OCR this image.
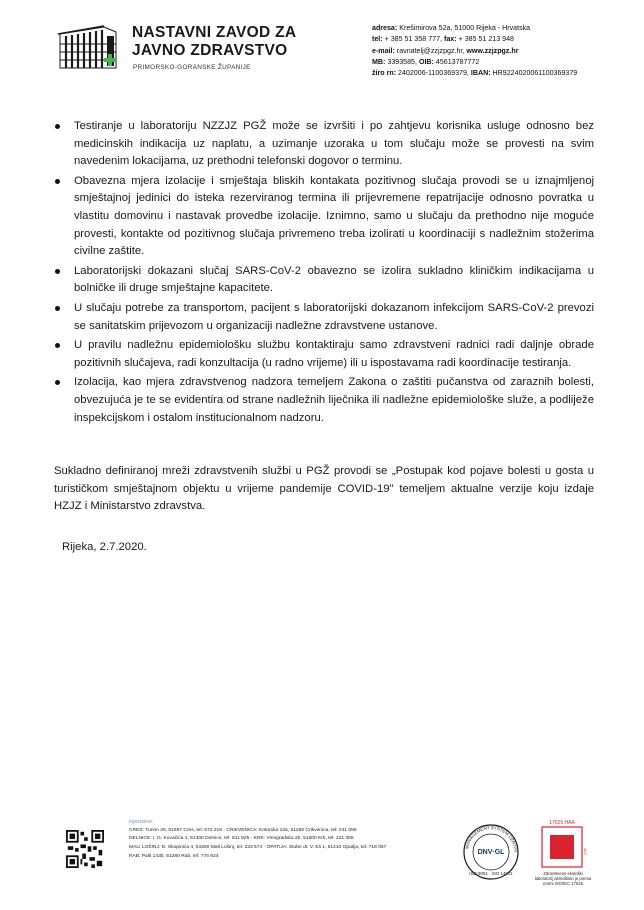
NASTAVNI ZAVOD ZA
JAVNO ZDRAVSTVO
PRIMORSKO-GORANSKE ŽUPANIJE
adresa: Krešimirova 52a, 51000 Rijeka - Hrvatska
tel: + 385 51 358 777, fax: + 385 51 213 948
e-mail: ravnatelj@zzjzpgz.hr, www.zzjzpgz.hr
MB: 3393585, OIB: 45613787772
žiro rn: 2402006-1100369379, IBAN: HR9224020061100369379
Testiranje u laboratoriju NZZJZ PGŽ može se izvršiti i po zahtjevu korisnika usluge odnosno bez medicinskih indikacija uz naplatu, a uzimanje uzoraka u tom slučaju može se provesti na svim navedenim lokacijama, uz prethodni telefonski dogovor o terminu.
Obavezna mjera izolacije i smještaja bliskih kontakata pozitivnog slučaja provodi se u iznajmljenoj smještajnoj jedinici do isteka rezerviranog termina ili prijevremene repatrijacije odnosno povratka u vlastitu domovinu i nastavak provedbe izolacije. Iznimno, samo u slučaju da prethodno nije moguće provesti, kontakte od pozitivnog slučaja privremeno treba izolirati u koordinaciji s nadležnim stožerima civilne zaštite.
Laboratorijski dokazani slučaj SARS-CoV-2 obavezno se izolira sukladno kliničkim indikacijama u bolničke ili druge smještajne kapacitete.
U slučaju potrebe za transportom, pacijent s laboratorijski dokazanom infekcijom SARS-CoV-2 prevozi se sanitatskim prijevozom u organizaciji nadležne zdravstvene ustanove.
U pravilu nadležnu epidemiološku službu kontaktiraju samo zdravstveni radnici radi daljnje obrade pozitivnih slučajeva, radi konzultacija (u radno vrijeme) ili u ispostavama radi koordinacije testiranja.
Izolacija, kao mjera zdravstvenog nadzora temeljem Zakona o zaštiti pučanstva od zaraznih bolesti, obvezujuća je te se evidentira od strane nadležnih liječnika ili nadležne epidemiološke služe, a podliježe inspekcijskom i ostalom institucionalnom nadzoru.

Sukladno definiranoj mreži zdravstvenih službi u PGŽ provodi se „Postupak kod pojave bolesti u gosta u turističkom smještajnom objektu u vrijeme pandemije COVID-19" temeljem aktualne verzije koju izdaje HZJZ i Ministarstvo zdravstva.

Rijeka, 2.7.2020.
ispostave:
CRES: Turion 26, 51557 Cres, tel: 572 218 · CRIKVENICA: Kotorska 13a, 51260 Crikvenica, tel: 241 055
DELNICE: I. G. Kovačića 1, 51300 Delnice, tel: 811 925 · KRK: Vinogradska 2b, 51500 Krk, tel: 221 355
MALI LOŠINJ: D. Skopinića 4, 51550 Mali Lošinj, tel: 233 574 · OPATIJA: Stube dr. V. Eli 1, 51410 Opatija, tel: 718 067
RAB: Palit 143b, 51280 Rab, tel: 776 924
MANAGEMENT SYSTEM CERTIFI
DNV·GL
ISO 9001 · ISO 14001
17025 HAA
1127
Zdravstveno ekološki laboratorij akreditiran je prema normi ISO/IEC 17025
